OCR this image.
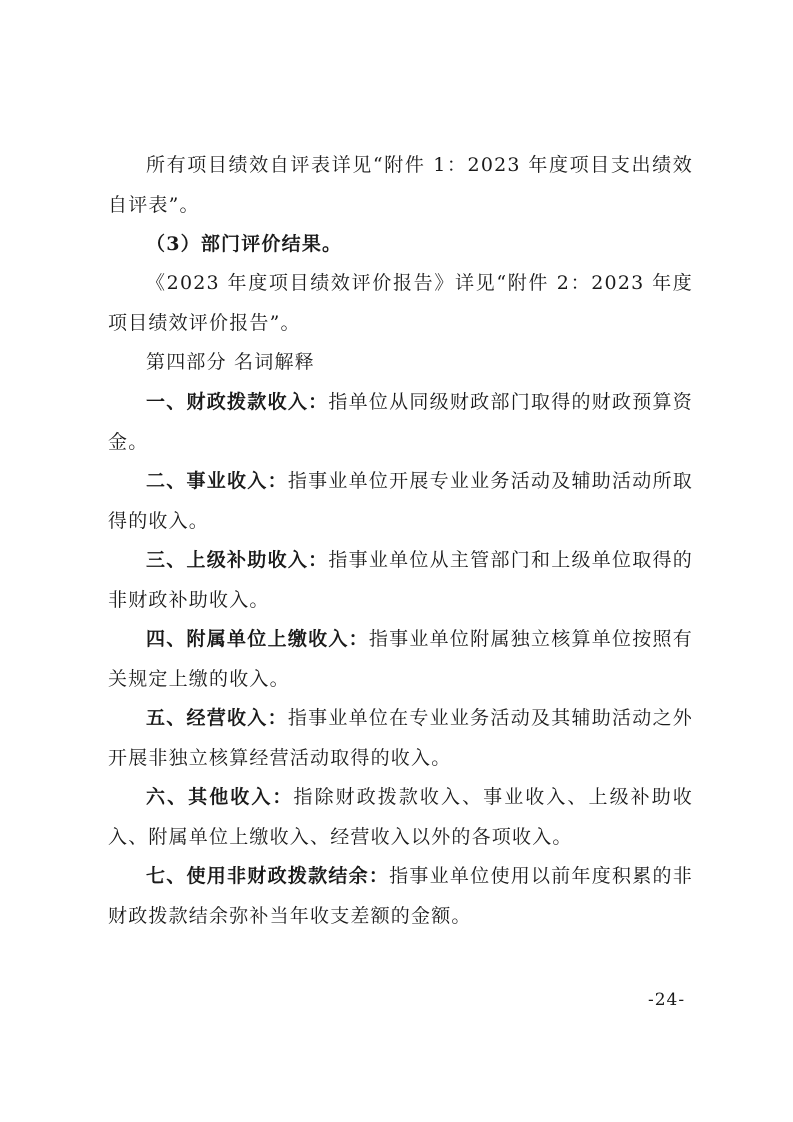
所有项目绩效自评表详见“附件 1：2023 年度项目支出绩效自评表”。

（3）部门评价结果。

《2023 年度项目绩效评价报告》详见“附件 2：2023 年度项目绩效评价报告”。

第四部分 名词解释

一、财政拨款收入：指单位从同级财政部门取得的财政预算资金。

二、事业收入：指事业单位开展专业业务活动及辅助活动所取得的收入。

三、上级补助收入：指事业单位从主管部门和上级单位取得的非财政补助收入。

四、附属单位上缴收入：指事业单位附属独立核算单位按照有关规定上缴的收入。

五、经营收入：指事业单位在专业业务活动及其辅助活动之外开展非独立核算经营活动取得的收入。

六、其他收入：指除财政拨款收入、事业收入、上级补助收入、附属单位上缴收入、经营收入以外的各项收入。

七、使用非财政拨款结余：指事业单位使用以前年度积累的非财政拨款结余弥补当年收支差额的金额。

-24-
